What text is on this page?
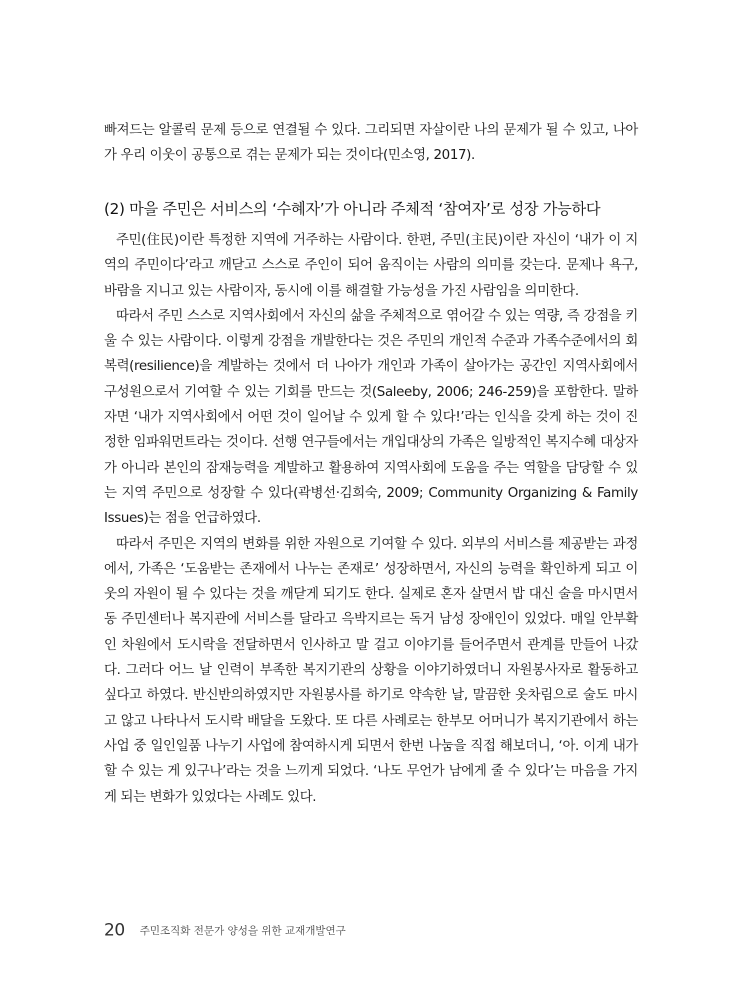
빠져드는 알콜릭 문제 등으로 연결될 수 있다. 그리되면 자살이란 나의 문제가 될 수 있고, 나아가 우리 이웃이 공통으로 겪는 문제가 되는 것이다(민소영, 2017).

(2) 마을 주민은 서비스의 ‘수혜자’가 아니라 주체적 ‘참여자’로 성장 가능하다

주민(住民)이란 특정한 지역에 거주하는 사람이다. 한편, 주민(主民)이란 자신이 ‘내가 이 지역의 주민이다’라고 깨닫고 스스로 주인이 되어 움직이는 사람의 의미를 갖는다. 문제나 욕구, 바람을 지니고 있는 사람이자, 동시에 이를 해결할 가능성을 가진 사람임을 의미한다.

따라서 주민 스스로 지역사회에서 자신의 삶을 주체적으로 엮어갈 수 있는 역량, 즉 강점을 키울 수 있는 사람이다. 이렇게 강점을 개발한다는 것은 주민의 개인적 수준과 가족수준에서의 회복력(resilience)을 계발하는 것에서 더 나아가 개인과 가족이 살아가는 공간인 지역사회에서 구성원으로서 기여할 수 있는 기회를 만드는 것(Saleeby, 2006; 246-259)을 포함한다. 말하자면 ‘내가 지역사회에서 어떤 것이 일어날 수 있게 할 수 있다!’라는 인식을 갖게 하는 것이 진정한 임파워먼트라는 것이다. 선행 연구들에서는 개입대상의 가족은 일방적인 복지수혜 대상자가 아니라 본인의 잠재능력을 계발하고 활용하여 지역사회에 도움을 주는 역할을 담당할 수 있는 지역 주민으로 성장할 수 있다(곽병선·김희숙, 2009; Community Organizing & Family Issues)는 점을 언급하였다.

따라서 주민은 지역의 변화를 위한 자원으로 기여할 수 있다. 외부의 서비스를 제공받는 과정에서, 가족은 ‘도움받는 존재에서 나누는 존재로’ 성장하면서, 자신의 능력을 확인하게 되고 이웃의 자원이 될 수 있다는 것을 깨닫게 되기도 한다. 실제로 혼자 살면서 밥 대신 술을 마시면서 동 주민센터나 복지관에 서비스를 달라고 윽박지르는 독거 남성 장애인이 있었다. 매일 안부확인 차원에서 도시락을 전달하면서 인사하고 말 걸고 이야기를 들어주면서 관계를 만들어 나갔다. 그러다 어느 날 인력이 부족한 복지기관의 상황을 이야기하였더니 자원봉사자로 활동하고 싶다고 하였다. 반신반의하였지만 자원봉사를 하기로 약속한 날, 말끔한 옷차림으로 술도 마시고 않고 나타나서 도시락 배달을 도왔다. 또 다른 사례로는 한부모 어머니가 복지기관에서 하는 사업 중 일인일품 나누기 사업에 참여하시게 되면서 한번 나눔을 직접 해보더니, ‘아. 이게 내가 할 수 있는 게 있구나’라는 것을 느끼게 되었다. ‘나도 무언가 남에게 줄 수 있다’는 마음을 가지게 되는 변화가 있었다는 사례도 있다.

20 주민조직화 전문가 양성을 위한 교재개발연구
